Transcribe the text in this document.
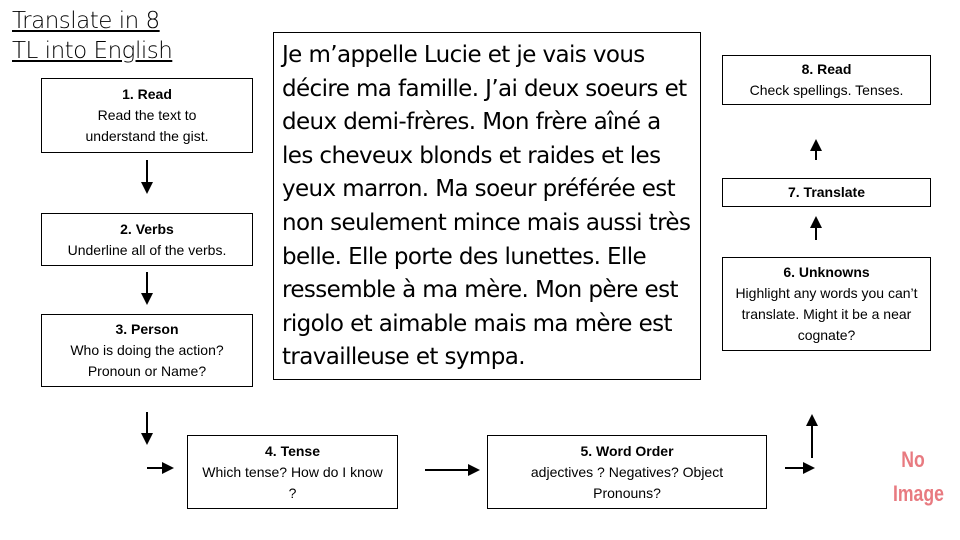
Translate in 8
TL into English	Je m’appelle Lucie et je vais vous décire ma famille. J’ai deux soeurs et deux demi-frères. Mon frère aîné a les cheveux blonds et raides et les yeux marron. Ma soeur préférée est non seulement mince mais aussi très belle. Elle porte des lunettes. Elle ressemble à ma mère. Mon père est rigolo et aimable mais ma mère est travailleuse et sympa.
1. Read
Read the text to understand the gist.
2. Verbs
Underline all of the verbs.
3. Person
Who is doing the action? Pronoun or Name?
4. Tense
Which tense? How do I know ?
5. Word Order
adjectives ? Negatives? Object Pronouns?
6. Unknowns
Highlight any words you can’t translate. Might it be a near cognate?
7. Translate
8. Read
Check spellings. Tenses.
No
Image
